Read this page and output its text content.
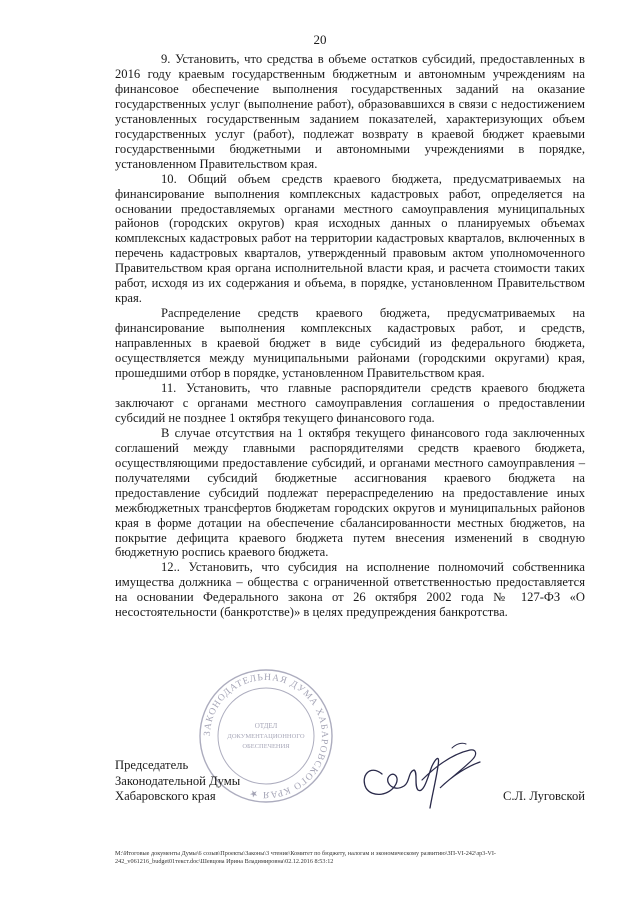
20

9. Установить, что средства в объеме остатков субсидий, предоставленных в 2016 году краевым государственным бюджетным и автономным учреждениям на финансовое обеспечение выполнения государственных заданий на оказание государственных услуг (выполнение работ), образовавшихся в связи с недостижением установленных государственным заданием показателей, характеризующих объем государственных услуг (работ), подлежат возврату в краевой бюджет краевыми государственными бюджетными и автономными учреждениями в порядке, установленном Правительством края.

10. Общий объем средств краевого бюджета, предусматриваемых на финансирование выполнения комплексных кадастровых работ, определяется на основании предоставляемых органами местного самоуправления муниципальных районов (городских округов) края исходных данных о планируемых объемах комплексных кадастровых работ на территории кадастровых кварталов, включенных в перечень кадастровых кварталов, утвержденный правовым актом уполномоченного Правительством края органа исполнительной власти края, и расчета стоимости таких работ, исходя из их содержания и объема, в порядке, установленном Правительством края.

Распределение средств краевого бюджета, предусматриваемых на финансирование выполнения комплексных кадастровых работ, и средств, направленных в краевой бюджет в виде субсидий из федерального бюджета, осуществляется между муниципальными районами (городскими округами) края, прошедшими отбор в порядке, установленном Правительством края.

11. Установить, что главные распорядители средств краевого бюджета заключают с органами местного самоуправления соглашения о предоставлении субсидий не позднее 1 октября текущего финансового года.

В случае отсутствия на 1 октября текущего финансового года заключенных соглашений между главными распорядителями средств краевого бюджета, осуществляющими предоставление субсидий, и органами местного самоуправления – получателями субсидий бюджетные ассигнования краевого бюджета на предоставление субсидий подлежат перераспределению на предоставление иных межбюджетных трансфертов бюджетам городских округов и муниципальных районов края в форме дотации на обеспечение сбалансированности местных бюджетов, на покрытие дефицита краевого бюджета путем внесения изменений в сводную бюджетную роспись краевого бюджета.

12.. Установить, что субсидия на исполнение полномочий собственника имущества должника – общества с ограниченной ответственностью предоставляется на основании Федерального закона от 26 октября 2002 года № 127-ФЗ «О несостоятельности (банкротстве)» в целях предупреждения банкротства.

ЗАКОНОДАТЕЛЬНАЯ ДУМА ХАБАРОВСКОГО КРАЯ ★
ОТДЕЛ
ДОКУМЕНТАЦИОННОГО
ОБЕСПЕЧЕНИЯ
Председатель
Законодательной Думы
Хабаровского края	С.Л. Луговской
М:\Итоговые документы Думы\6 созыв\Проекты\Законы\3 чтение\Комитет по бюджету, налогам и экономическому развитию\ЗП-VI-242\зр3-VI-242_v061216_budget01текст.doc\Шевцова Ирина Владимировна\02.12.2016 8:53:12
